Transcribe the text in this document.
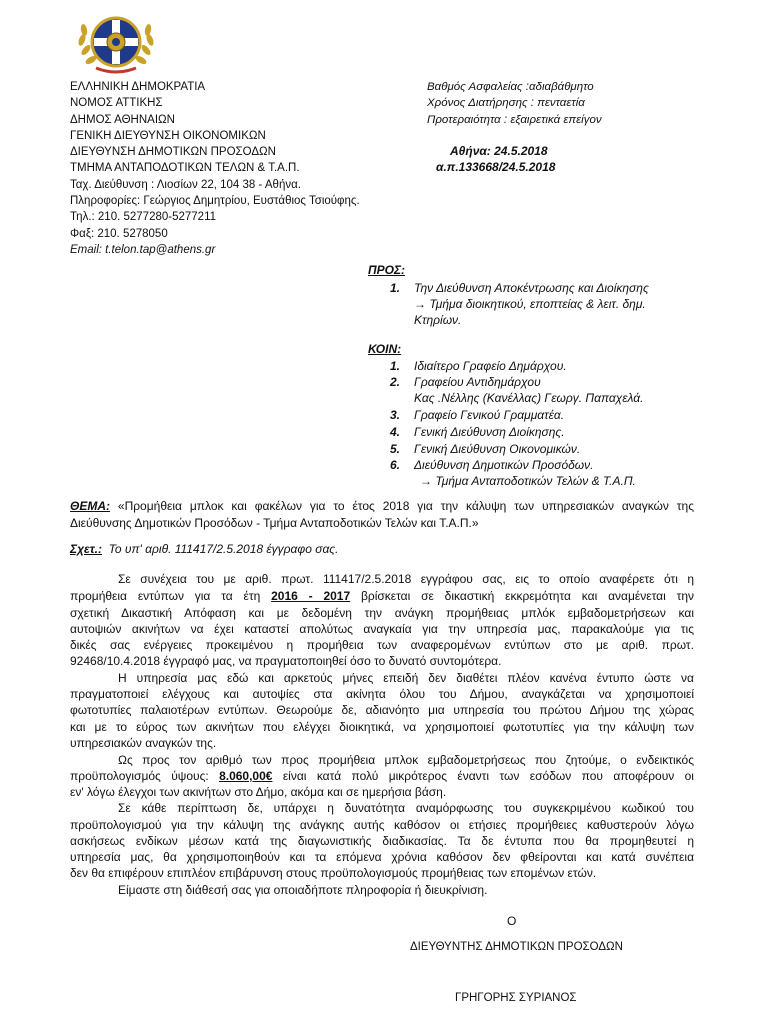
ΕΛΛΗΝΙΚΗ ΔΗΜΟΚΡΑΤΙΑ
ΝΟΜΟΣ ΑΤΤΙΚΗΣ
ΔΗΜΟΣ ΑΘΗΝΑΙΩΝ
ΓΕΝΙΚΗ ΔΙΕΥΘΥΝΣΗ ΟΙΚΟΝΟΜΙΚΩΝ
ΔΙΕΥΘΥΝΣΗ ΔΗΜΟΤΙΚΩΝ ΠΡΟΣΟΔΩΝ
ΤΜΗΜΑ ΑΝΤΑΠΟΔΟΤΙΚΩΝ ΤΕΛΩΝ & Τ.Α.Π.
Ταχ. Διεύθυνση : Λιοσίων 22, 104 38 - Αθήνα.
Πληροφορίες: Γεώργιος Δημητρίου, Ευστάθιος Τσιούφης.
Τηλ.: 210. 5277280-5277211
Φαξ: 210. 5278050
Email: t.telon.tap@athens.gr
Βαθμός Ασφαλείας :αδιαβάθμητο
Χρόνος Διατήρησης : πενταετία
Προτεραιότητα : εξαιρετικά επείγον
Αθήνα: 24.5.2018
α.π.133668/24.5.2018
ΠΡΟΣ:
1. Την Διεύθυνση Αποκέντρωσης και Διοίκησης
→ Τμήμα διοικητικού, εποπτείας & λειτ. δημ.
Κτηρίων.
ΚΟΙΝ:
1. Ιδιαίτερο Γραφείο Δημάρχου.
2. Γραφείου Αντιδημάρχου
Κας .Νέλλης (Κανέλλας) Γεωργ. Παπαχελά.
3. Γραφείο Γενικού Γραμματέα.
4. Γενική Διεύθυνση Διοίκησης.
5. Γενική Διεύθυνση Οικονομικών.
6. Διεύθυνση Δημοτικών Προσόδων.
→ Τμήμα Ανταποδοτικών Τελών & Τ.Α.Π.
ΘΕΜΑ: «Προμήθεια μπλοκ και φακέλων για το έτος 2018 για την κάλυψη των υπηρεσιακών αναγκών της
Διεύθυνσης Δημοτικών Προσόδων - Τμήμα Ανταποδοτικών Τελών και Τ.Α.Π.»
Σχετ.: Το υπ' αριθ. 111417/2.5.2018 έγγραφο σας.
Σε συνέχεια του με αριθ. πρωτ. 111417/2.5.2018 εγγράφου σας, εις το οποίο αναφέρετε ότι η
προμήθεια εντύπων για τα έτη 2016 - 2017 βρίσκεται σε δικαστική εκκρεμότητα και αναμένεται την
σχετική Δικαστική Απόφαση και με δεδομένη την ανάγκη προμήθειας μπλόκ εμβαδομετρήσεων και
αυτοψιών ακινήτων να έχει καταστεί απολύτως αναγκαία για την υπηρεσία μας, παρακαλούμε για τις
δικές σας ενέργειες προκειμένου η προμήθεια των αναφερομένων εντύπων στο με αριθ. πρωτ.
92468/10.4.2018 έγγραφό μας, να πραγματοποιηθεί όσο το δυνατό συντομότερα.
Η υπηρεσία μας εδώ και αρκετούς μήνες επειδή δεν διαθέτει πλέον κανένα έντυπο ώστε να
πραγματοποιεί ελέγχους και αυτοψίες στα ακίνητα όλου του Δήμου, αναγκάζεται να χρησιμοποιεί
φωτοτυπίες παλαιοτέρων εντύπων. Θεωρούμε δε, αδιανόητο μια υπηρεσία του πρώτου Δήμου της χώρας
και με το εύρος των ακινήτων που ελέγχει διοικητικά, να χρησιμοποιεί φωτοτυπίες για την κάλυψη των
υπηρεσιακών αναγκών της.
Ως προς τον αριθμό των προς προμήθεια μπλοκ εμβαδομετρήσεως που ζητούμε, ο ενδεικτικός
προϋπολογισμός ύψους: 8.060,00€ είναι κατά πολύ μικρότερος έναντι των εσόδων που αποφέρουν οι
εν' λόγω έλεγχοι των ακινήτων στο Δήμο, ακόμα και σε ημερήσια βάση.
Σε κάθε περίπτωση δε, υπάρχει η δυνατότητα αναμόρφωσης του συγκεκριμένου κωδικού του
προϋπολογισμού για την κάλυψη της ανάγκης αυτής καθόσον οι ετήσιες προμήθειες καθυστερούν λόγω
ασκήσεως ενδίκων μέσων κατά της διαγωνιστικής διαδικασίας. Τα δε έντυπα που θα προμηθευτεί η
υπηρεσία μας, θα χρησιμοποιηθούν και τα επόμενα χρόνια καθόσον δεν φθείρονται και κατά συνέπεια
δεν θα επιφέρουν επιπλέον επιβάρυνση στους προϋπολογισμούς προμήθειας των επομένων ετών.
Είμαστε στη διάθεσή σας για οποιαδήποτε πληροφορία ή διευκρίνιση.
Ο
ΔΙΕΥΘΥΝΤΗΣ ΔΗΜΟΤΙΚΩΝ ΠΡΟΣΟΔΩΝ
ΓΡΗΓΟΡΗΣ ΣΥΡΙΑΝΟΣ
